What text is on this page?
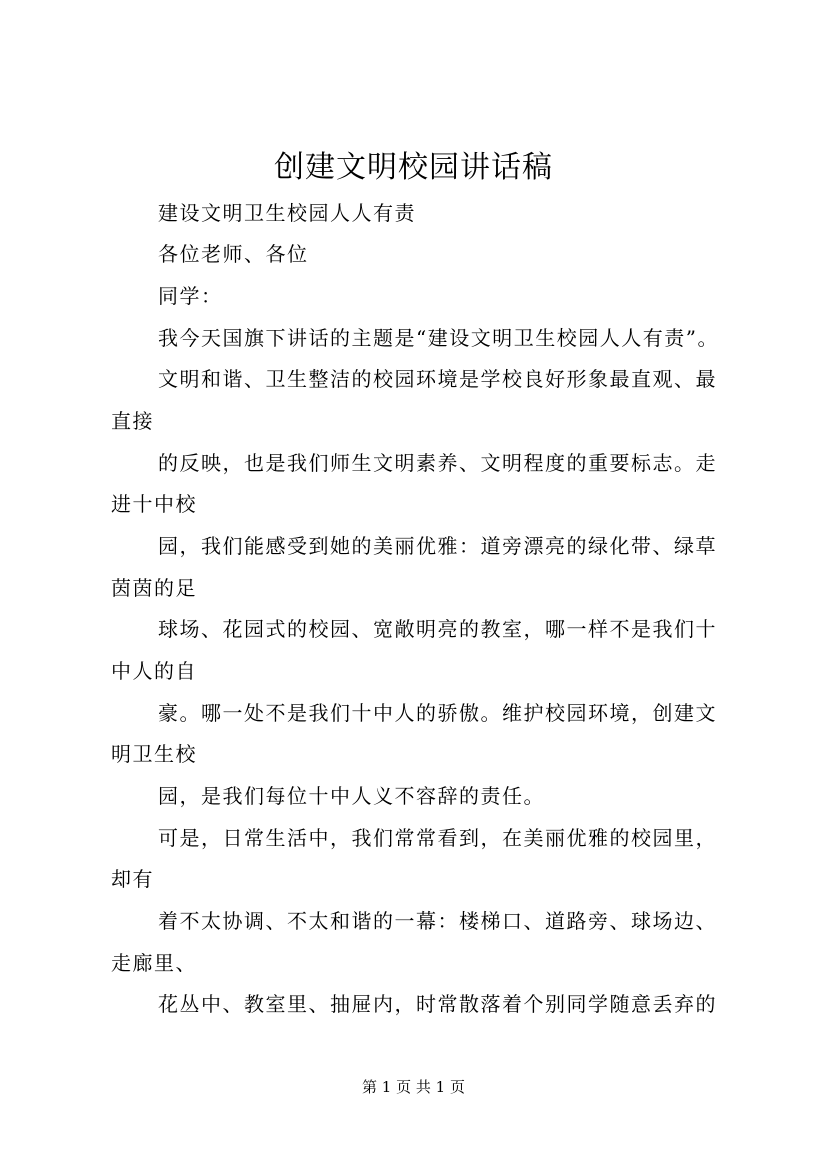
创建文明校园讲话稿
建设文明卫生校园人人有责
各位老师、各位
同学：
我今天国旗下讲话的主题是“建设文明卫生校园人人有责”。
文明和谐、卫生整洁的校园环境是学校良好形象最直观、最
直接
的反映，也是我们师生文明素养、文明程度的重要标志。走
进十中校
园，我们能感受到她的美丽优雅：道旁漂亮的绿化带、绿草
茵茵的足
球场、花园式的校园、宽敞明亮的教室，哪一样不是我们十
中人的自
豪。哪一处不是我们十中人的骄傲。维护校园环境，创建文
明卫生校
园，是我们每位十中人义不容辞的责任。
可是，日常生活中，我们常常看到，在美丽优雅的校园里，
却有
着不太协调、不太和谐的一幕：楼梯口、道路旁、球场边、
走廊里、
花丛中、教室里、抽屉内，时常散落着个别同学随意丢弃的
第 1 页 共 1 页
